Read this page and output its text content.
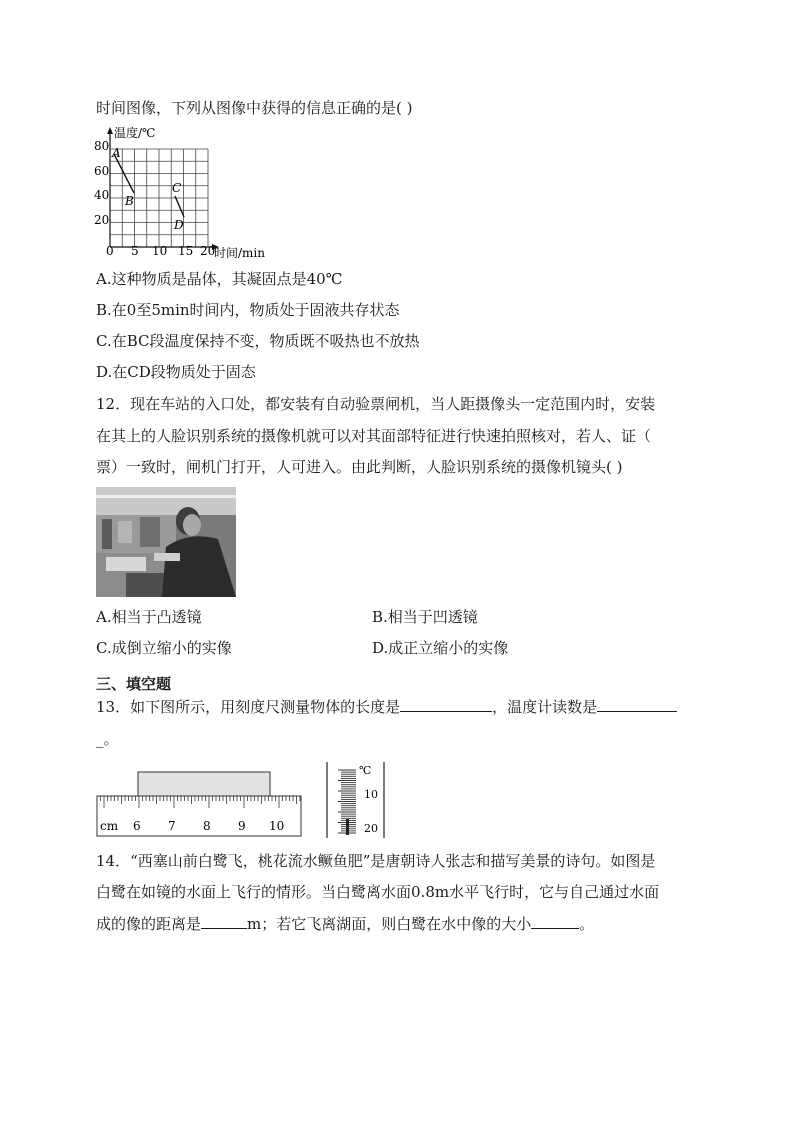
时间图像，下列从图像中获得的信息正确的是( )
温度/℃
80
60
40
20
0 5 10 15 20
时间/min
A
B
C
D
A.这种物质是晶体，其凝固点是40℃
B.在0至5min时间内，物质处于固液共存状态
C.在BC段温度保持不变，物质既不吸热也不放热
D.在CD段物质处于固态
12．现在车站的入口处，都安装有自动验票闸机，当人距摄像头一定范围内时，安装
在其上的人脸识别系统的摄像机就可以对其面部特征进行快速拍照核对，若人、证（
票）一致时，闸机门打开，人可进入。由此判断，人脸识别系统的摄像机镜头( )
A.相当于凸透镜	B.相当于凹透镜
C.成倒立缩小的实像	D.成正立缩小的实像
三、填空题
13．如下图所示，用刻度尺测量物体的长度是	，温度计读数是
_。
cm 6 7 8 9 10
℃
10
20
14．“西塞山前白鹭飞，桃花流水鳜鱼肥”是唐朝诗人张志和描写美景的诗句。如图是
白鹭在如镜的水面上飞行的情形。当白鹭离水面0.8m水平飞行时，它与自己通过水面
成的像的距离是	m；若它飞离湖面，则白鹭在水中像的大小	。
